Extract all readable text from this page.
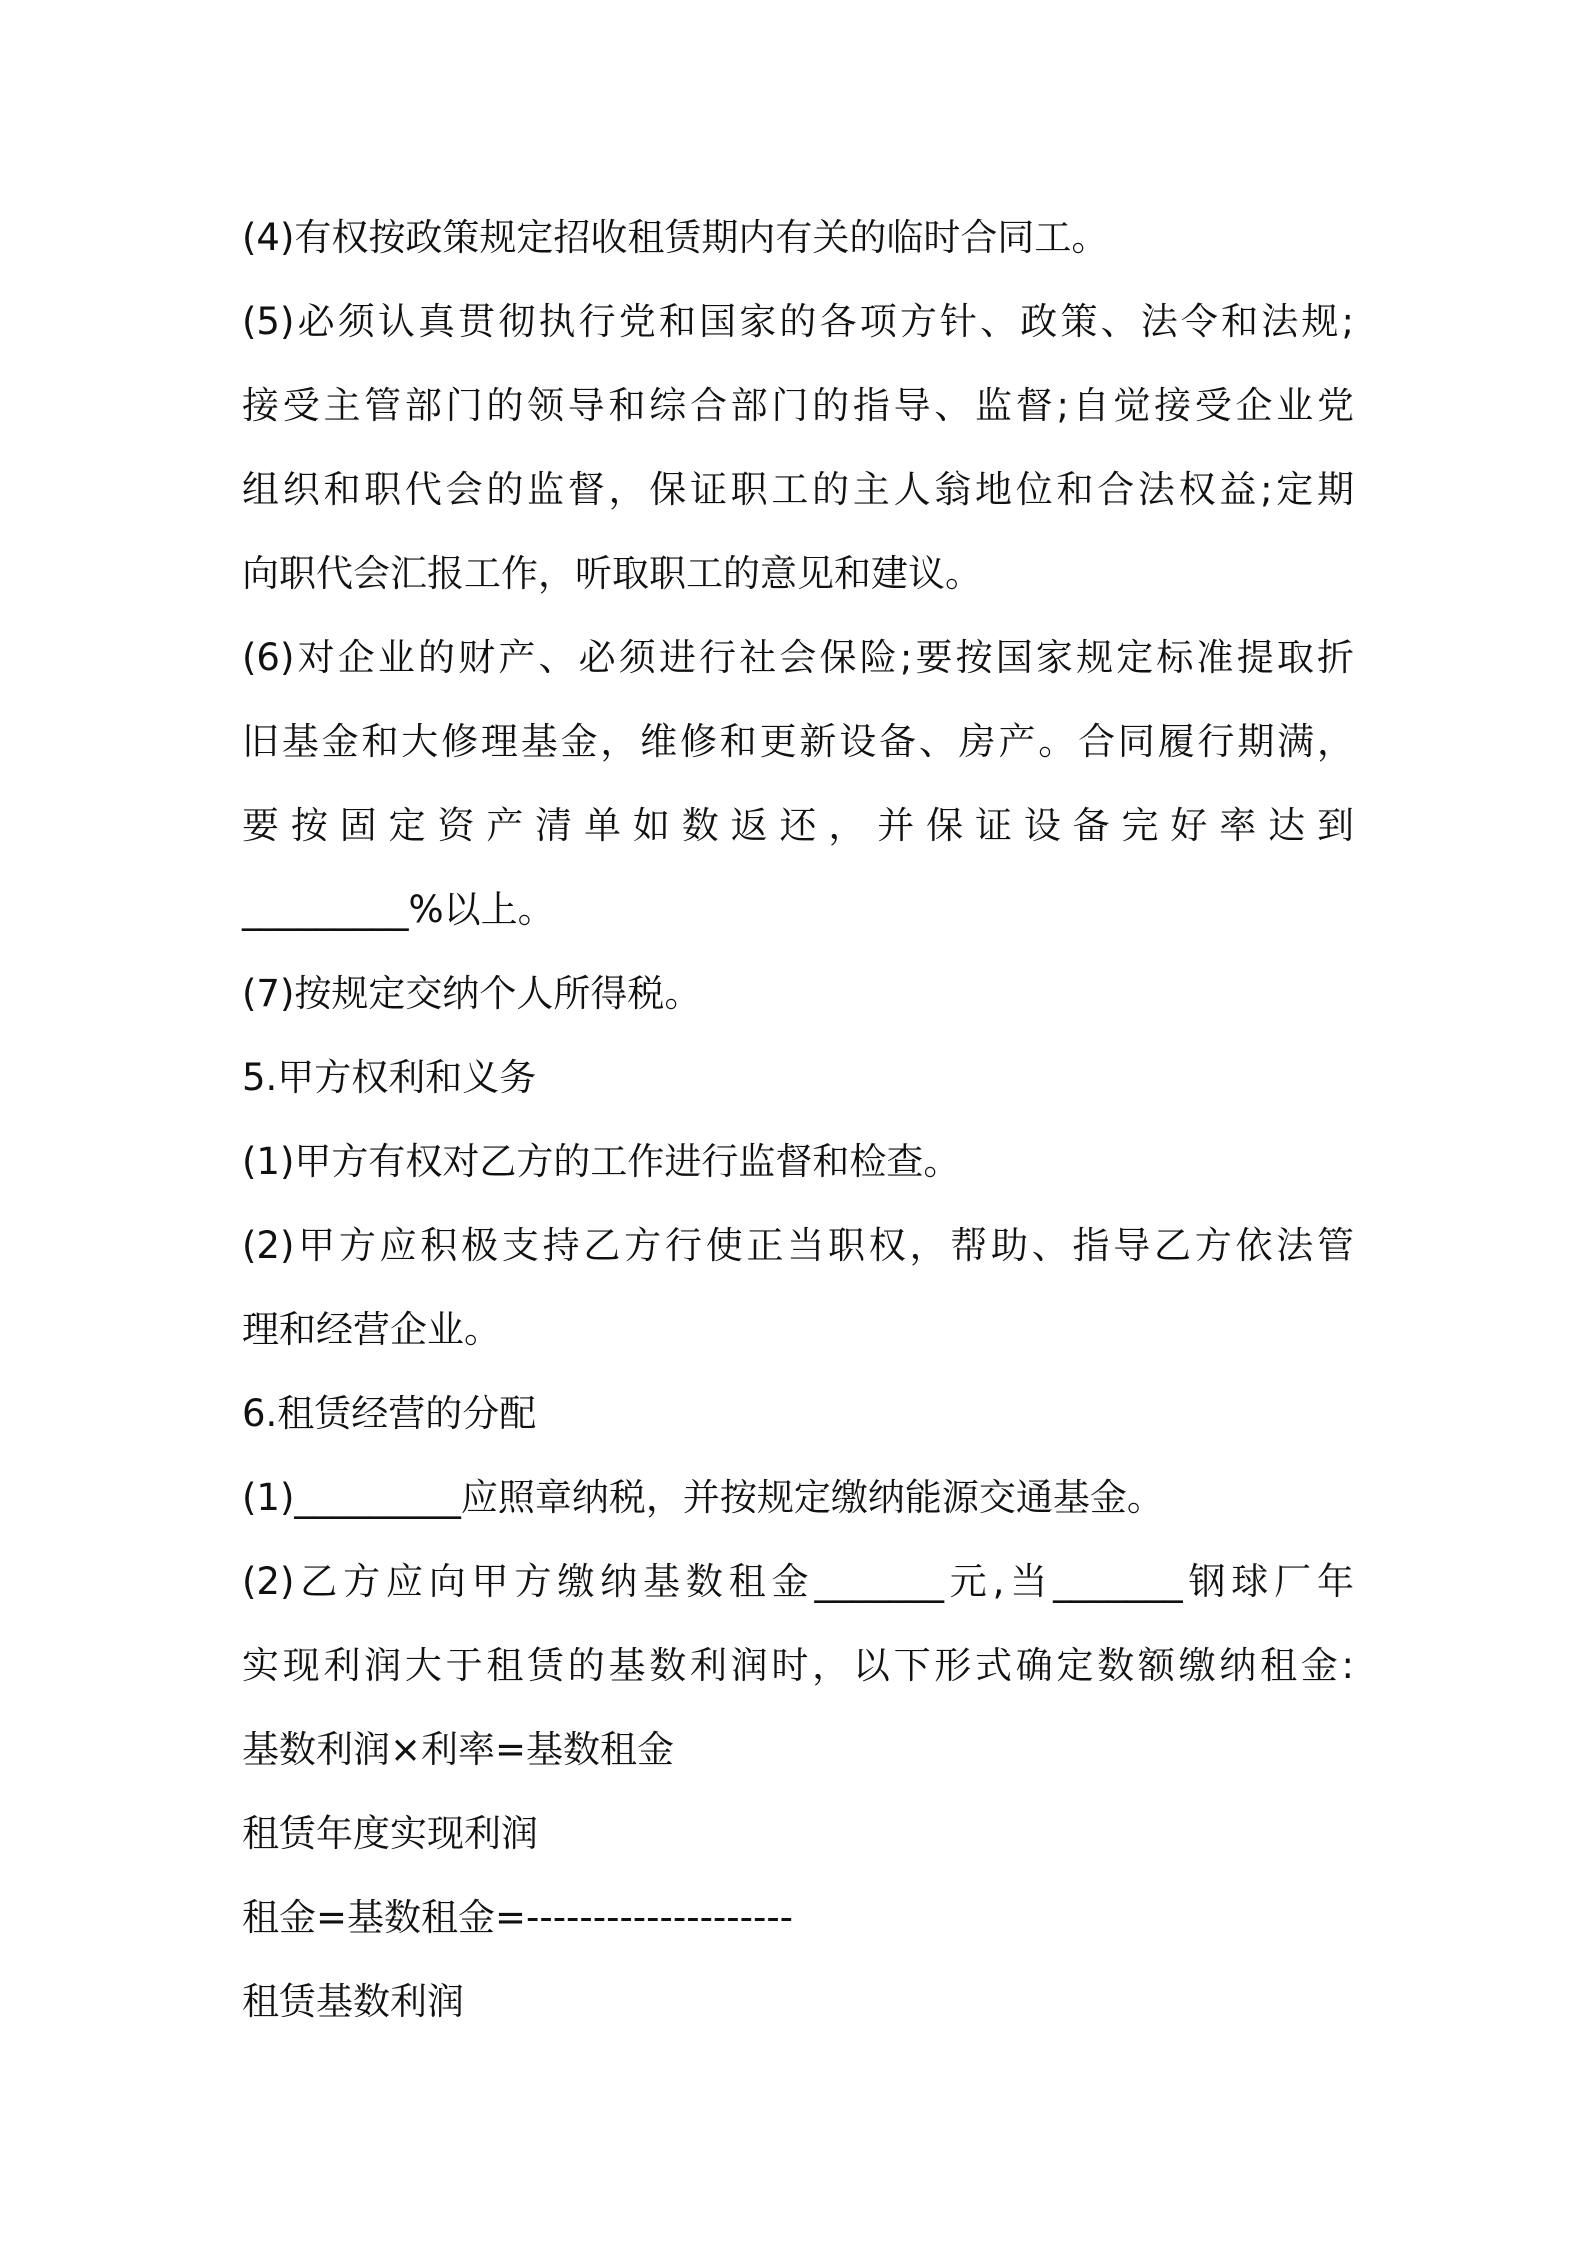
(4)有权按政策规定招收租赁期内有关的临时合同工。
(5)必须认真贯彻执行党和国家的各项方针、政策、法令和法规;
接受主管部门的领导和综合部门的指导、监督;自觉接受企业党
组织和职代会的监督，保证职工的主人翁地位和合法权益;定期
向职代会汇报工作，听取职工的意见和建议。
(6)对企业的财产、必须进行社会保险;要按国家规定标准提取折
旧基金和大修理基金，维修和更新设备、房产。合同履行期满，
要按固定资产清单如数返还，并保证设备完好率达到
_________%以上。
(7)按规定交纳个人所得税。
5.甲方权利和义务
(1)甲方有权对乙方的工作进行监督和检查。
(2)甲方应积极支持乙方行使正当职权，帮助、指导乙方依法管
理和经营企业。
6.租赁经营的分配
(1)_________应照章纳税，并按规定缴纳能源交通基金。
(2)乙方应向甲方缴纳基数租金_______元,当_______钢球厂年
实现利润大于租赁的基数利润时，以下形式确定数额缴纳租金:
基数利润×利率=基数租金
租赁年度实现利润
租金=基数租金=--------------------
租赁基数利润
